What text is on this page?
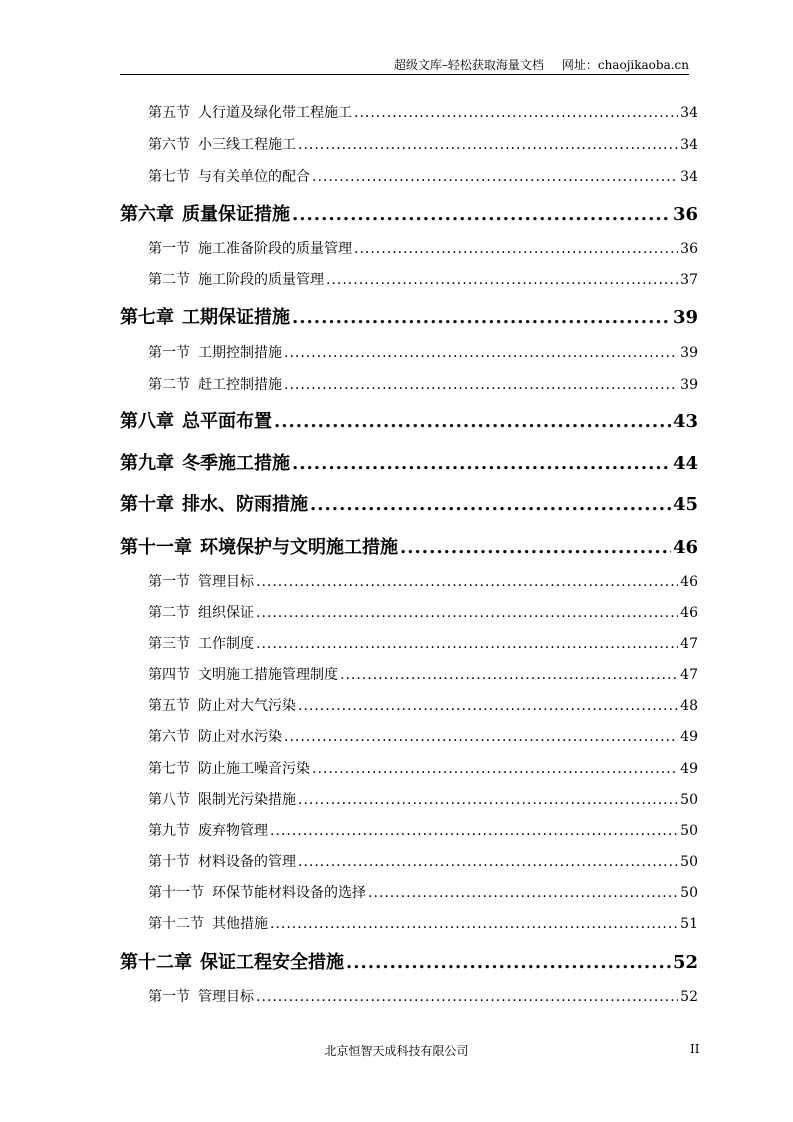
超级文库–轻松获取海量文档 网址：chaojikaoba.cn
第五节 人行道及绿化带工程施工 .....	34
第六节 小三线工程施工 .....	34
第七节 与有关单位的配合 .....	34
第六章 质量保证措施 .....	36
第一节 施工准备阶段的质量管理 .....	36
第二节 施工阶段的质量管理 .....	37
第七章 工期保证措施 .....	39
第一节 工期控制措施 .....	39
第二节 赶工控制措施 .....	39
第八章 总平面布置 .....	43
第九章 冬季施工措施 .....	44
第十章 排水、防雨措施 .....	45
第十一章 环境保护与文明施工措施 .....	46
第一节 管理目标 .....	46
第二节 组织保证 .....	46
第三节 工作制度 .....	47
第四节 文明施工措施管理制度 .....	47
第五节 防止对大气污染 .....	48
第六节 防止对水污染 .....	49
第七节 防止施工噪音污染 .....	49
第八节 限制光污染措施 .....	50
第九节 废弃物管理 .....	50
第十节 材料设备的管理 .....	50
第十一节 环保节能材料设备的选择 .....	50
第十二节 其他措施 .....	51
第十二章 保证工程安全措施 .....	52
第一节 管理目标 .....	52
北京恒智天成科技有限公司	II
